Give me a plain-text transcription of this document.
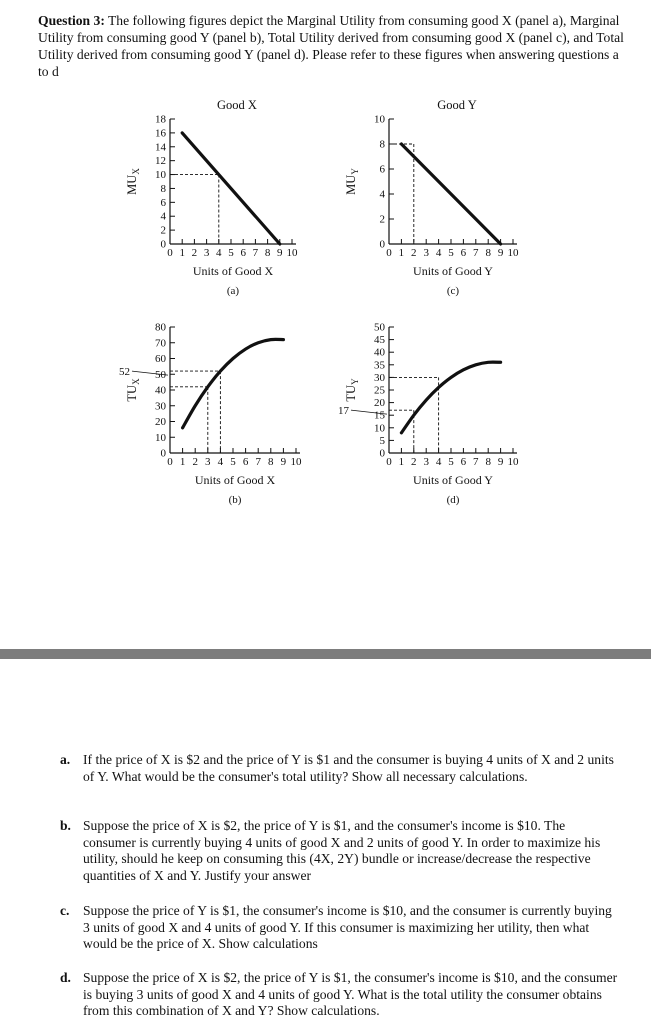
Question 3: The following figures depict the Marginal Utility from consuming good X (panel a), Marginal Utility from consuming good Y (panel b), Total Utility derived from consuming good X (panel c), and Total Utility derived from consuming good Y (panel d). Please refer to these figures when answering questions a to d
0
2
4
6
8
10
12
14
16
18
0 1 2 3 4 5 6 7 8 9 10
Good X
Units of Good X
(a)
$MU_X$
0
2
4
6
8
10
0 1 2 3 4 5 6 7 8 9 10
Good Y
Units of Good Y
(c)
$MU_Y$
0
10
20
30
40
50
60
70
80
0 1 2 3 4 5 6 7 8 9 10
Units of Good X
(b)
$TU_X$
52
0
5
10
15
20
25
30
35
40
45
50
0 1 2 3 4 5 6 7 8 9 10
Units of Good Y
(d)
$TU_Y$
17
a. If the price of X is $2 and the price of Y is $1 and the consumer is buying 4 units of X and 2 units of Y. What would be the consumer's total utility? Show all necessary calculations.
b. Suppose the price of X is $2, the price of Y is $1, and the consumer's income is $10. The consumer is currently buying 4 units of good X and 2 units of good Y. In order to maximize his utility, should he keep on consuming this (4X, 2Y) bundle or increase/decrease the respective quantities of X and Y. Justify your answer
c. Suppose the price of Y is $1, the consumer's income is $10, and the consumer is currently buying 3 units of good X and 4 units of good Y. If this consumer is maximizing her utility, then what would be the price of X. Show calculations
d. Suppose the price of X is $2, the price of Y is $1, the consumer's income is $10, and the consumer is buying 3 units of good X and 4 units of good Y. What is the total utility the consumer obtains from this combination of X and Y? Show calculations.
